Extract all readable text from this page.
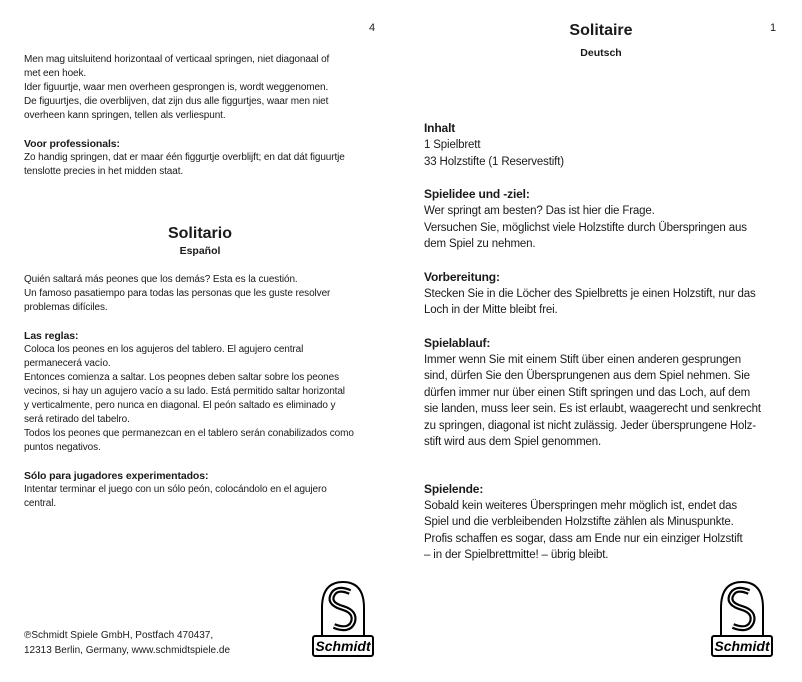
4

Men mag uitsluitend horizontaal of verticaal springen, niet diagonaal of
met een hoek.
Ider figuurtje, waar men overheen gesprongen is, wordt weggenomen.
De figuurtjes, die overblijven, dat zijn dus alle figgurtjes, waar men niet
overheen kann springen, tellen als verliespunt.

Voor professionals:

Zo handig springen, dat er maar één figgurtje overblijft; en dat dát figuurtje
tenslotte precies in het midden staat.

Solitario
Español

Quién saltará más peones que los demás? Esta es la cuestión.
Un famoso pasatiempo para todas las personas que les guste resolver
problemas difíciles.

Las reglas:

Coloca los peones en los agujeros del tablero. El agujero central
permanecerá vacío.
Entonces comienza a saltar. Los peopnes deben saltar sobre los peones
vecinos, si hay un agujero vacío a su lado. Está permitido saltar horizontal
y verticalmente, pero nunca en diagonal. El peón saltado es eliminado y
será retirado del tabelro.
Todos los peones que permanezcan en el tablero serán conabilizados como
puntos negativos.

Sólo para jugadores experimentados:

Intentar terminar el juego con un sólo peón, colocándolo en el agujero
central.

℗Schmidt Spiele GmbH, Postfach 470437,
12313 Berlin, Germany, www.schmidtspiele.de	Schmidt
1
Solitaire
Deutsch
Inhalt

1 Spielbrett
33 Holzstifte (1 Reservestift)

Spielidee und -ziel:

Wer springt am besten? Das ist hier die Frage.
Versuchen Sie, möglichst viele Holzstifte durch Überspringen aus
dem Spiel zu nehmen.

Vorbereitung:

Stecken Sie in die Löcher des Spielbretts je einen Holzstift, nur das
Loch in der Mitte bleibt frei.

Spielablauf:

Immer wenn Sie mit einem Stift über einen anderen gesprungen
sind, dürfen Sie den Übersprungenen aus dem Spiel nehmen. Sie
dürfen immer nur über einen Stift springen und das Loch, auf dem
sie landen, muss leer sein. Es ist erlaubt, waagerecht und senkrecht
zu springen, diagonal ist nicht zulässig. Jeder übersprungene Holz-
stift wird aus dem Spiel genommen.

Spielende:

Sobald kein weiteres Überspringen mehr möglich ist, endet das
Spiel und die verbleibenden Holzstifte zählen als Minuspunkte.
Profis schaffen es sogar, dass am Ende nur ein einziger Holzstift
– in der Spielbrettmitte! – übrig bleibt.

Schmidt
